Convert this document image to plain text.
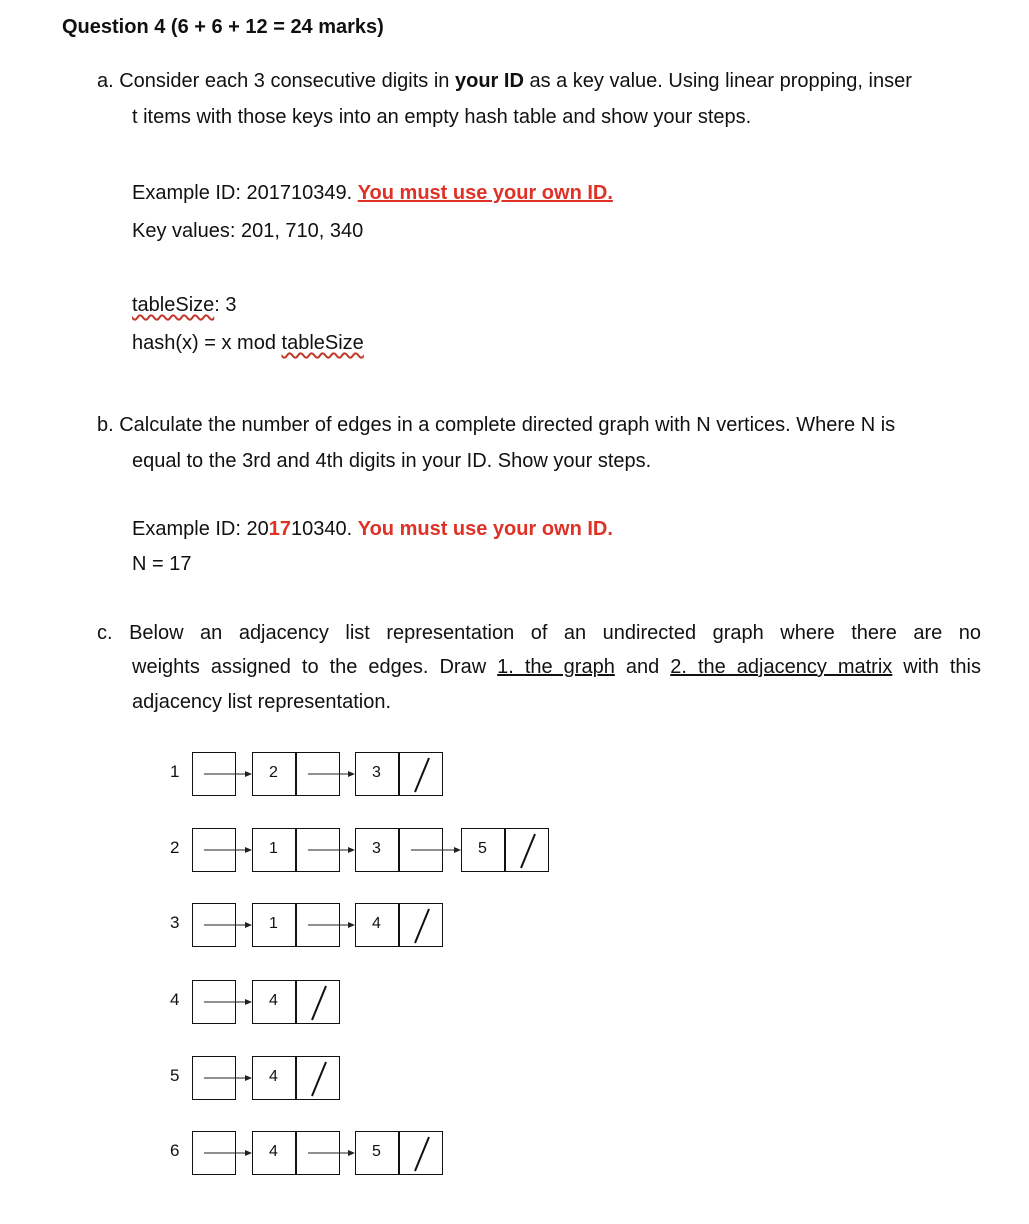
Question 4 (6 + 6 + 12 = 24 marks)
a. Consider each 3 consecutive digits in your ID as a key value. Using linear propping, inser
t items with those keys into an empty hash table and show your steps.
Example ID: 201710349. You must use your own ID.
Key values: 201, 710, 340
tableSize: 3
hash(x) = x mod tableSize
b. Calculate the number of edges in a complete directed graph with N vertices. Where N is
equal to the 3rd and 4th digits in your ID. Show your steps.
Example ID: 201710340. You must use your own ID.
N = 17
c. Below an adjacency list representation of an undirected graph where there are no
weights assigned to the edges. Draw 1. the graph and 2. the adjacency matrix with this
adjacency list representation.
1	2	3
2	1	3	5
3	1	4
4	4
5	4
6	4	5
